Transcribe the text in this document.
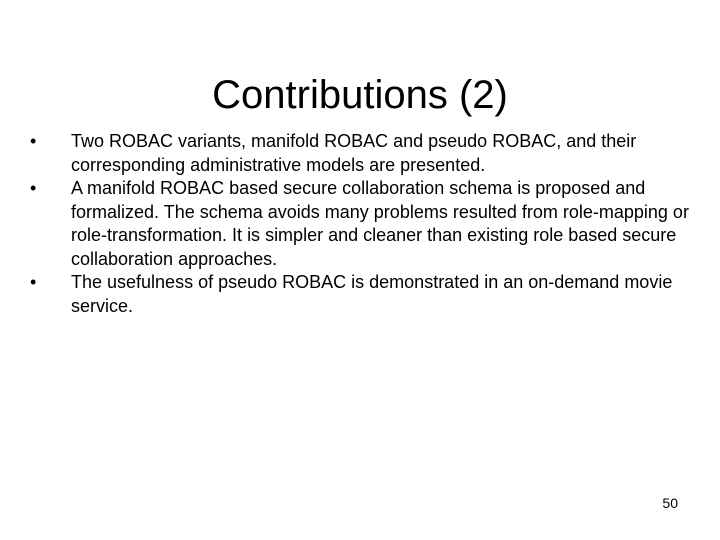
Contributions (2)
•	Two ROBAC variants, manifold ROBAC and pseudo ROBAC, and their corresponding administrative models are presented.
•	A manifold ROBAC based secure collaboration schema is proposed and formalized. The schema avoids many problems resulted from role-mapping or role-transformation. It is simpler and cleaner than existing role based secure collaboration approaches.
•	The usefulness of pseudo ROBAC is demonstrated in an on-demand movie service.
50
